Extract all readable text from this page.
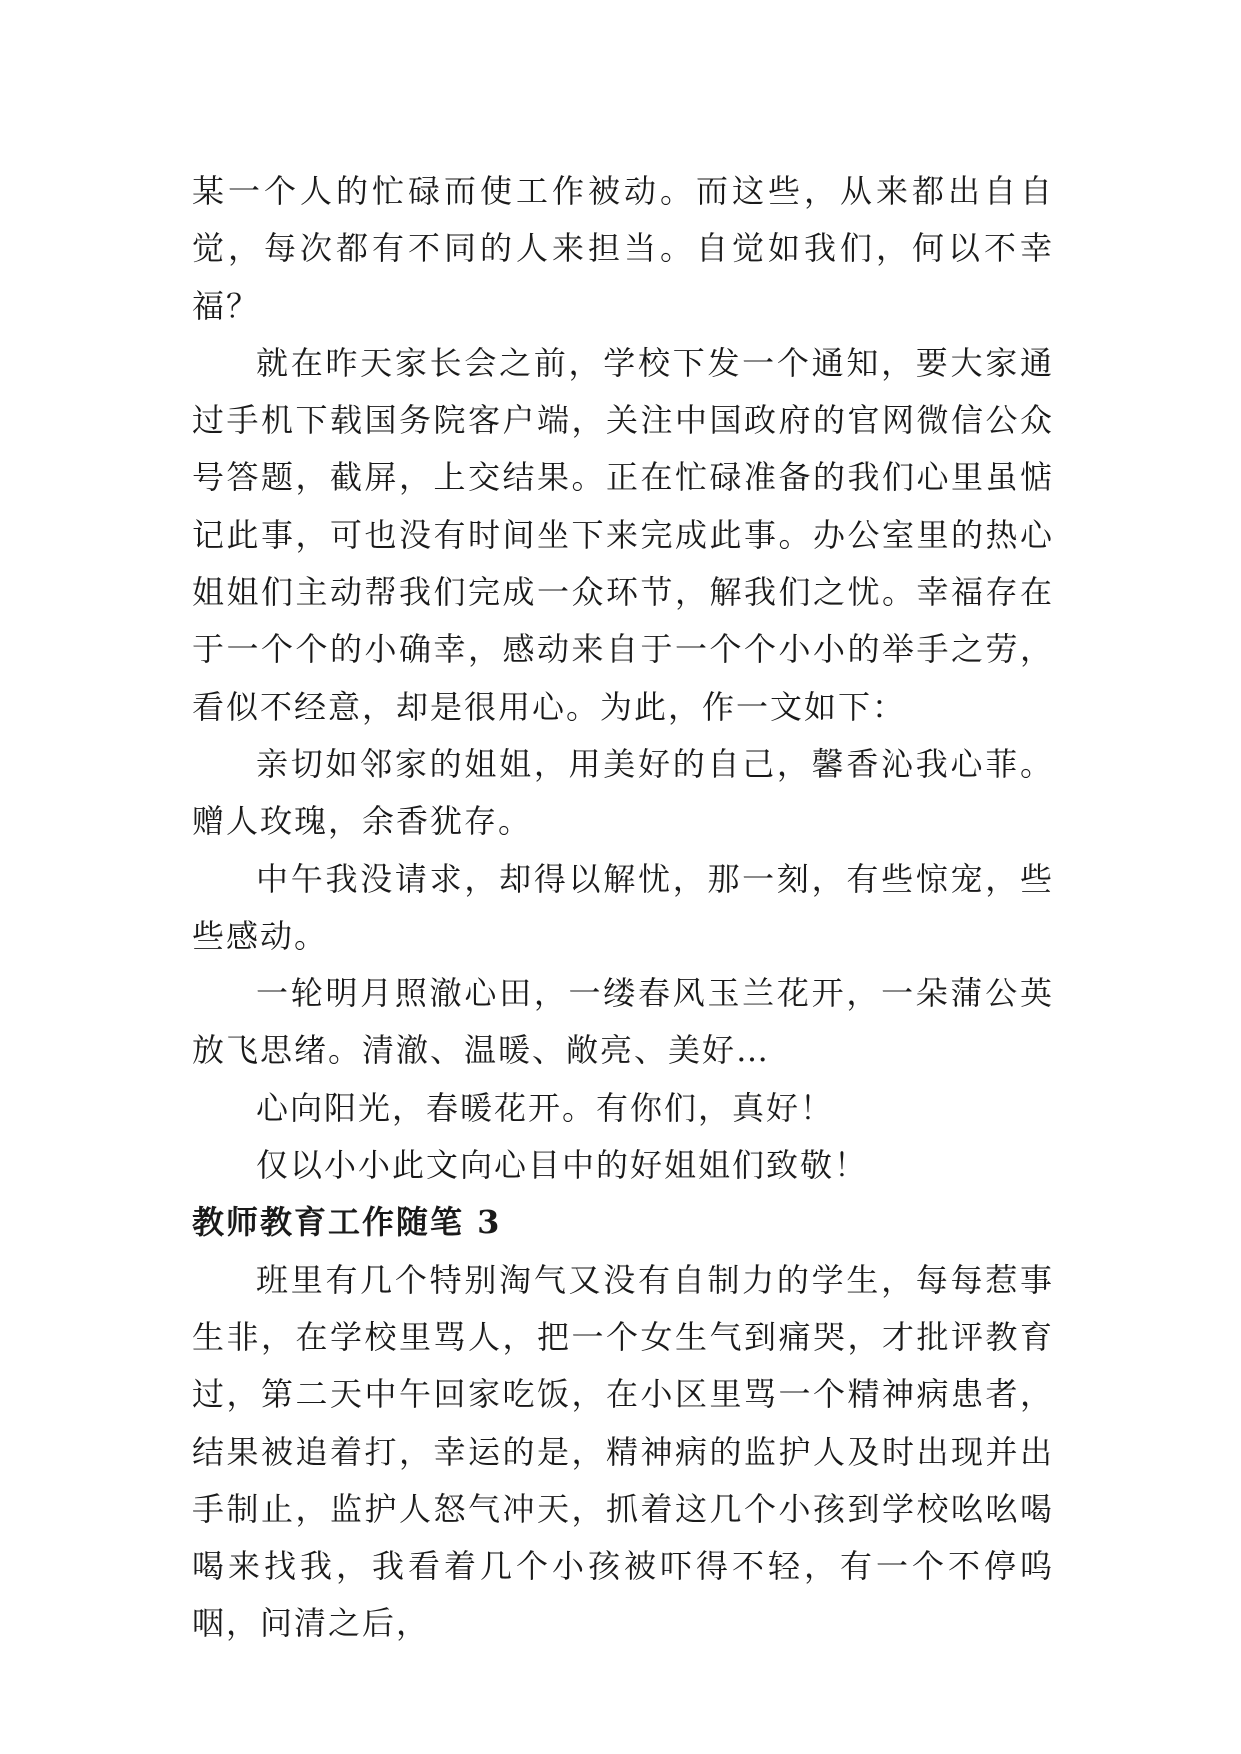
某一个人的忙碌而使工作被动。而这些，从来都出自自觉，每次都有不同的人来担当。自觉如我们，何以不幸福？

就在昨天家长会之前，学校下发一个通知，要大家通过手机下载国务院客户端，关注中国政府的官网微信公众号答题，截屏，上交结果。正在忙碌准备的我们心里虽惦记此事，可也没有时间坐下来完成此事。办公室里的热心姐姐们主动帮我们完成一众环节，解我们之忧。幸福存在于一个个的小确幸，感动来自于一个个小小的举手之劳，看似不经意，却是很用心。为此，作一文如下：

亲切如邻家的姐姐，用美好的自己，馨香沁我心菲。赠人玫瑰，余香犹存。

中午我没请求，却得以解忧，那一刻，有些惊宠，些些感动。

一轮明月照澈心田，一缕春风玉兰花开，一朵蒲公英放飞思绪。清澈、温暖、敞亮、美好…

心向阳光，春暖花开。有你们，真好！

仅以小小此文向心目中的好姐姐们致敬！

教师教育工作随笔 3

班里有几个特别淘气又没有自制力的学生，每每惹事生非，在学校里骂人，把一个女生气到痛哭，才批评教育过，第二天中午回家吃饭，在小区里骂一个精神病患者，结果被追着打，幸运的是，精神病的监护人及时出现并出手制止，监护人怒气冲天，抓着这几个小孩到学校吆吆喝喝来找我，我看着几个小孩被吓得不轻，有一个不停呜咽，问清之后，
